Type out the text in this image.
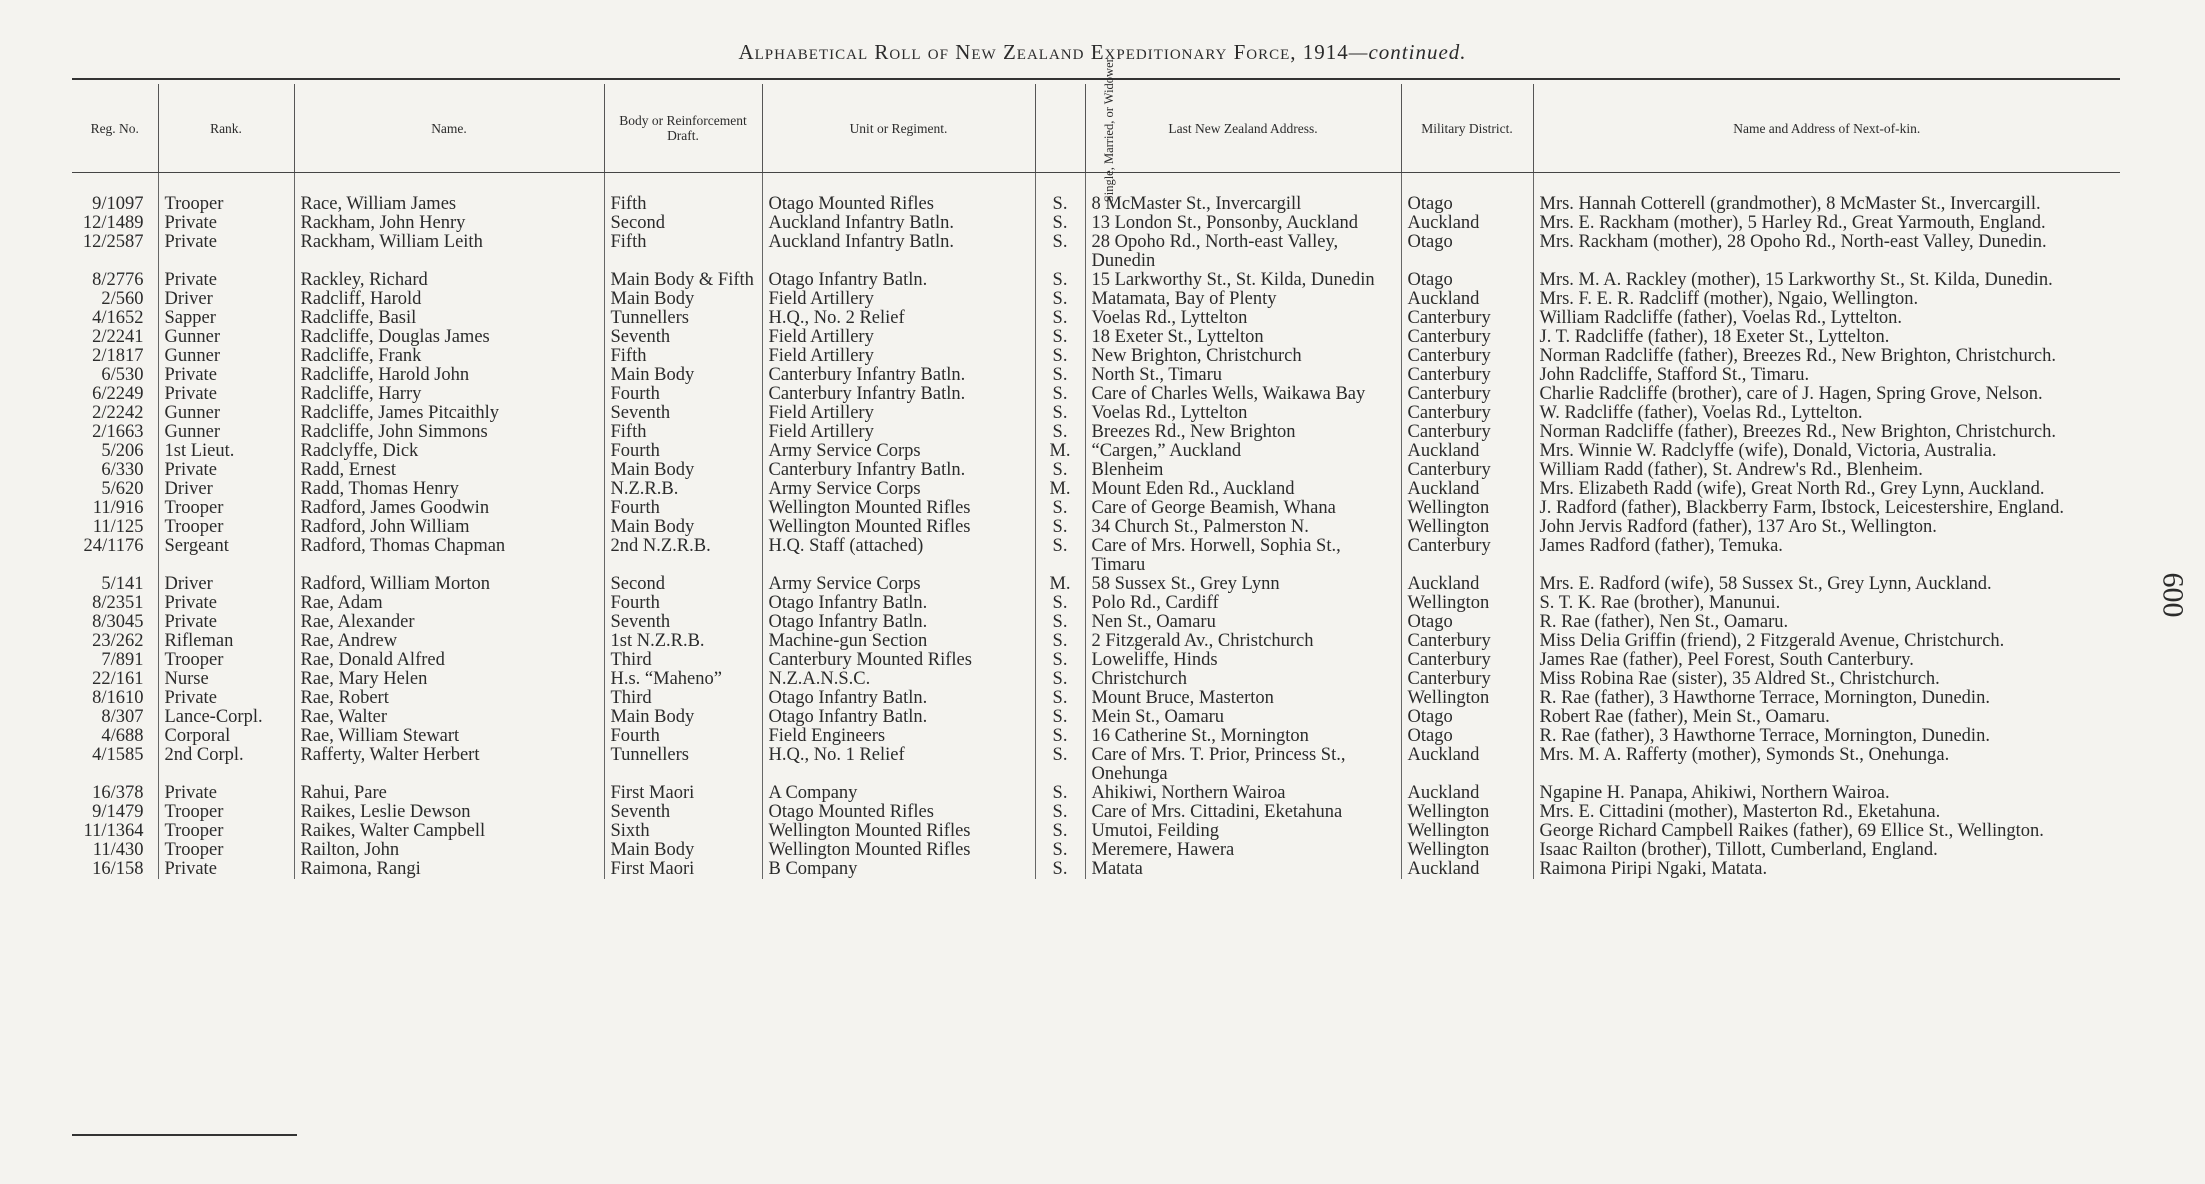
Alphabetical Roll of New Zealand Expeditionary Force, 1914—continued.
600
Reg. No.	Rank.	Name.	Body or Reinforcement Draft.	Unit or Regiment.	Single, Married, or Widower.	Last New Zealand Address.	Military District.	Name and Address of Next-of-kin.

9/1097	Trooper	Race, William James	Fifth	Otago Mounted Rifles	S.	8 McMaster St., Invercargill	Otago	Mrs. Hannah Cotterell (grandmother), 8 McMaster St., Invercargill.
12/1489	Private	Rackham, John Henry	Second	Auckland Infantry Batln.	S.	13 London St., Ponsonby, Auckland	Auckland	Mrs. E. Rackham (mother), 5 Harley Rd., Great Yarmouth, England.
12/2587	Private	Rackham, William Leith	Fifth	Auckland Infantry Batln.	S.	28 Opoho Rd., North-east Valley, Dunedin	Otago	Mrs. Rackham (mother), 28 Opoho Rd., North-east Valley, Dunedin.
8/2776	Private	Rackley, Richard	Main Body & Fifth	Otago Infantry Batln.	S.	15 Larkworthy St., St. Kilda, Dunedin	Otago	Mrs. M. A. Rackley (mother), 15 Larkworthy St., St. Kilda, Dunedin.
2/560	Driver	Radcliff, Harold	Main Body	Field Artillery	S.	Matamata, Bay of Plenty	Auckland	Mrs. F. E. R. Radcliff (mother), Ngaio, Wellington.
4/1652	Sapper	Radcliffe, Basil	Tunnellers	H.Q., No. 2 Relief	S.	Voelas Rd., Lyttelton	Canterbury	William Radcliffe (father), Voelas Rd., Lyttelton.
2/2241	Gunner	Radcliffe, Douglas James	Seventh	Field Artillery	S.	18 Exeter St., Lyttelton	Canterbury	J. T. Radcliffe (father), 18 Exeter St., Lyttelton.
2/1817	Gunner	Radcliffe, Frank	Fifth	Field Artillery	S.	New Brighton, Christchurch	Canterbury	Norman Radcliffe (father), Breezes Rd., New Brighton, Christchurch.
6/530	Private	Radcliffe, Harold John	Main Body	Canterbury Infantry Batln.	S.	North St., Timaru	Canterbury	John Radcliffe, Stafford St., Timaru.
6/2249	Private	Radcliffe, Harry	Fourth	Canterbury Infantry Batln.	S.	Care of Charles Wells, Waikawa Bay	Canterbury	Charlie Radcliffe (brother), care of J. Hagen, Spring Grove, Nelson.
2/2242	Gunner	Radcliffe, James Pitcaithly	Seventh	Field Artillery	S.	Voelas Rd., Lyttelton	Canterbury	W. Radcliffe (father), Voelas Rd., Lyttelton.
2/1663	Gunner	Radcliffe, John Simmons	Fifth	Field Artillery	S.	Breezes Rd., New Brighton	Canterbury	Norman Radcliffe (father), Breezes Rd., New Brighton, Christchurch.
5/206	1st Lieut.	Radclyffe, Dick	Fourth	Army Service Corps	M.	“Cargen,” Auckland	Auckland	Mrs. Winnie W. Radclyffe (wife), Donald, Victoria, Australia.
6/330	Private	Radd, Ernest	Main Body	Canterbury Infantry Batln.	S.	Blenheim	Canterbury	William Radd (father), St. Andrew's Rd., Blenheim.
5/620	Driver	Radd, Thomas Henry	N.Z.R.B.	Army Service Corps	M.	Mount Eden Rd., Auckland	Auckland	Mrs. Elizabeth Radd (wife), Great North Rd., Grey Lynn, Auckland.
11/916	Trooper	Radford, James Goodwin	Fourth	Wellington Mounted Rifles	S.	Care of George Beamish, Whana	Wellington	J. Radford (father), Blackberry Farm, Ibstock, Leicestershire, England.
11/125	Trooper	Radford, John William	Main Body	Wellington Mounted Rifles	S.	34 Church St., Palmerston N.	Wellington	John Jervis Radford (father), 137 Aro St., Wellington.
24/1176	Sergeant	Radford, Thomas Chapman	2nd N.Z.R.B.	H.Q. Staff (attached)	S.	Care of Mrs. Horwell, Sophia St., Timaru	Canterbury	James Radford (father), Temuka.
5/141	Driver	Radford, William Morton	Second	Army Service Corps	M.	58 Sussex St., Grey Lynn	Auckland	Mrs. E. Radford (wife), 58 Sussex St., Grey Lynn, Auckland.
8/2351	Private	Rae, Adam	Fourth	Otago Infantry Batln.	S.	Polo Rd., Cardiff	Wellington	S. T. K. Rae (brother), Manunui.
8/3045	Private	Rae, Alexander	Seventh	Otago Infantry Batln.	S.	Nen St., Oamaru	Otago	R. Rae (father), Nen St., Oamaru.
23/262	Rifleman	Rae, Andrew	1st N.Z.R.B.	Machine-gun Section	S.	2 Fitzgerald Av., Christchurch	Canterbury	Miss Delia Griffin (friend), 2 Fitzgerald Avenue, Christchurch.
7/891	Trooper	Rae, Donald Alfred	Third	Canterbury Mounted Rifles	S.	Loweliffe, Hinds	Canterbury	James Rae (father), Peel Forest, South Canterbury.
22/161	Nurse	Rae, Mary Helen	H.s. “Maheno”	N.Z.A.N.S.C.	S.	Christchurch	Canterbury	Miss Robina Rae (sister), 35 Aldred St., Christchurch.
8/1610	Private	Rae, Robert	Third	Otago Infantry Batln.	S.	Mount Bruce, Masterton	Wellington	R. Rae (father), 3 Hawthorne Terrace, Mornington, Dunedin.
8/307	Lance-Corpl.	Rae, Walter	Main Body	Otago Infantry Batln.	S.	Mein St., Oamaru	Otago	Robert Rae (father), Mein St., Oamaru.
4/688	Corporal	Rae, William Stewart	Fourth	Field Engineers	S.	16 Catherine St., Mornington	Otago	R. Rae (father), 3 Hawthorne Terrace, Mornington, Dunedin.
4/1585	2nd Corpl.	Rafferty, Walter Herbert	Tunnellers	H.Q., No. 1 Relief	S.	Care of Mrs. T. Prior, Princess St., Onehunga	Auckland	Mrs. M. A. Rafferty (mother), Symonds St., Onehunga.
16/378	Private	Rahui, Pare	First Maori	A Company	S.	Ahikiwi, Northern Wairoa	Auckland	Ngapine H. Panapa, Ahikiwi, Northern Wairoa.
9/1479	Trooper	Raikes, Leslie Dewson	Seventh	Otago Mounted Rifles	S.	Care of Mrs. Cittadini, Eketahuna	Wellington	Mrs. E. Cittadini (mother), Masterton Rd., Eketahuna.
11/1364	Trooper	Raikes, Walter Campbell	Sixth	Wellington Mounted Rifles	S.	Umutoi, Feilding	Wellington	George Richard Campbell Raikes (father), 69 Ellice St., Wellington.
11/430	Trooper	Railton, John	Main Body	Wellington Mounted Rifles	S.	Meremere, Hawera	Wellington	Isaac Railton (brother), Tillott, Cumberland, England.
16/158	Private	Raimona, Rangi	First Maori	B Company	S.	Matata	Auckland	Raimona Piripi Ngaki, Matata.
